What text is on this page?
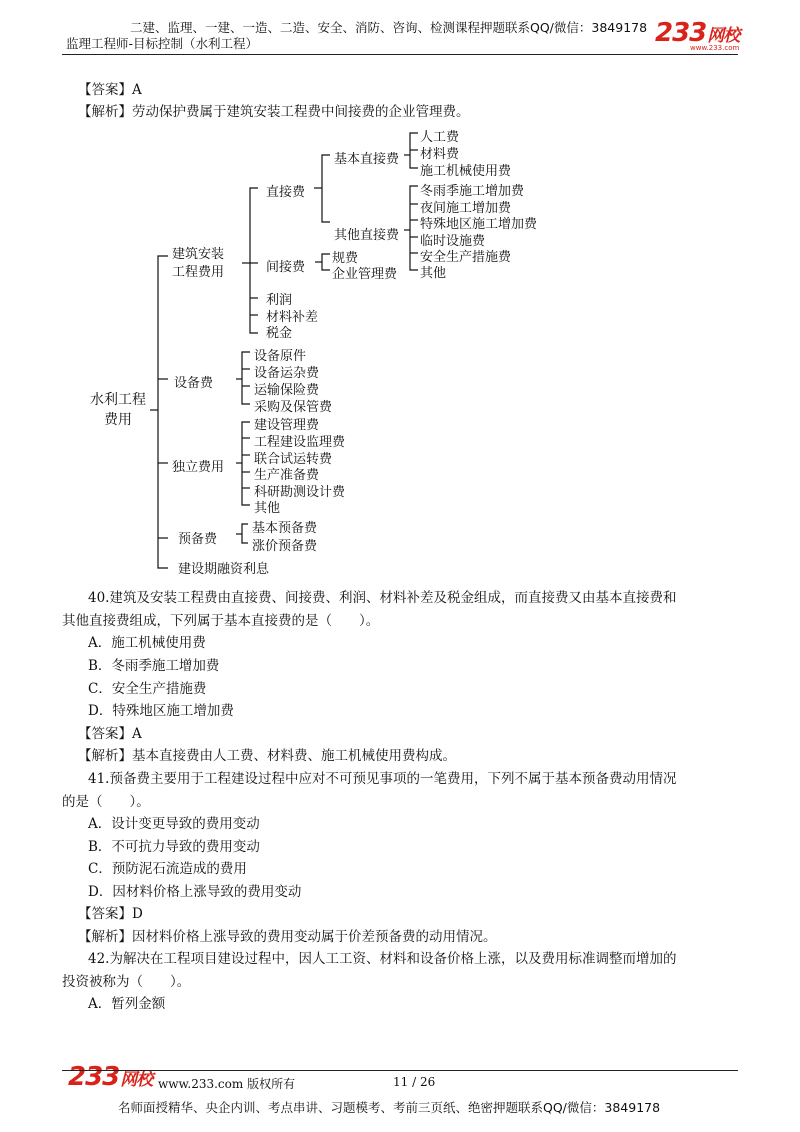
二建、监理、一建、一造、二造、安全、消防、咨询、检测课程押题联系QQ/微信：3849178
监理工程师-目标控制（水利工程）	233网校
www.233.com
【答案】A
【解析】劳动保护费属于建筑安装工程费中间接费的企业管理费。
水利工程
费用
建筑安装
工程费用
直接费
基本直接费
人工费
材料费
施工机械使用费
其他直接费
冬雨季施工增加费
夜间施工增加费
特殊地区施工增加费
临时设施费
安全生产措施费
其他
间接费
规费
企业管理费
利润
材料补差
税金
设备费
设备原件
设备运杂费
运输保险费
采购及保管费
独立费用
建设管理费
工程建设监理费
联合试运转费
生产准备费
科研勘测设计费
其他
预备费
基本预备费
涨价预备费
建设期融资利息
40.建筑及安装工程费由直接费、间接费、利润、材料补差及税金组成，而直接费又由基本直接费和
其他直接费组成，下列属于基本直接费的是（　　）。
A．施工机械使用费
B．冬雨季施工增加费
C．安全生产措施费
D．特殊地区施工增加费
【答案】A
【解析】基本直接费由人工费、材料费、施工机械使用费构成。
41.预备费主要用于工程建设过程中应对不可预见事项的一笔费用，下列不属于基本预备费动用情况
的是（　　）。
A．设计变更导致的费用变动
B．不可抗力导致的费用变动
C．预防泥石流造成的费用
D．因材料价格上涨导致的费用变动
【答案】D
【解析】因材料价格上涨导致的费用变动属于价差预备费的动用情况。
42.为解决在工程项目建设过程中，因人工工资、材料和设备价格上涨，以及费用标准调整而增加的
投资被称为（　　）。
A．暂列金额
233网校 www.233.com 版权所有	11 / 26
名师面授精华、央企内训、考点串讲、习题模考、考前三页纸、绝密押题联系QQ/微信：3849178
